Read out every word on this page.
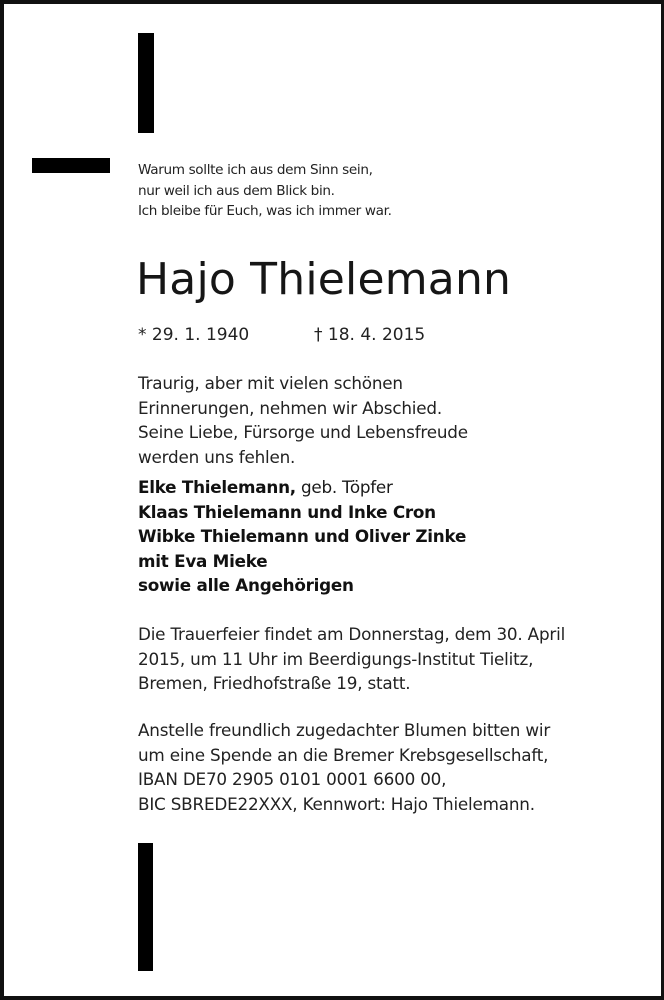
Warum sollte ich aus dem Sinn sein,
nur weil ich aus dem Blick bin.
Ich bleibe für Euch, was ich immer war.

Hajo Thielemann
* 29. 1. 1940	† 18. 4. 2015

Traurig, aber mit vielen schönen
Erinnerungen, nehmen wir Abschied.
Seine Liebe, Fürsorge und Lebensfreude
werden uns fehlen.

Elke Thielemann, geb. Töpfer
Klaas Thielemann und Inke Cron
Wibke Thielemann und Oliver Zinke
mit Eva Mieke
sowie alle Angehörigen

Die Trauerfeier findet am Donnerstag, dem 30. April
2015, um 11 Uhr im Beerdigungs-Institut Tielitz,
Bremen, Friedhofstraße 19, statt.

Anstelle freundlich zugedachter Blumen bitten wir
um eine Spende an die Bremer Krebsgesellschaft,
IBAN DE70 2905 0101 0001 6600 00,
BIC SBREDE22XXX, Kennwort: Hajo Thielemann.
